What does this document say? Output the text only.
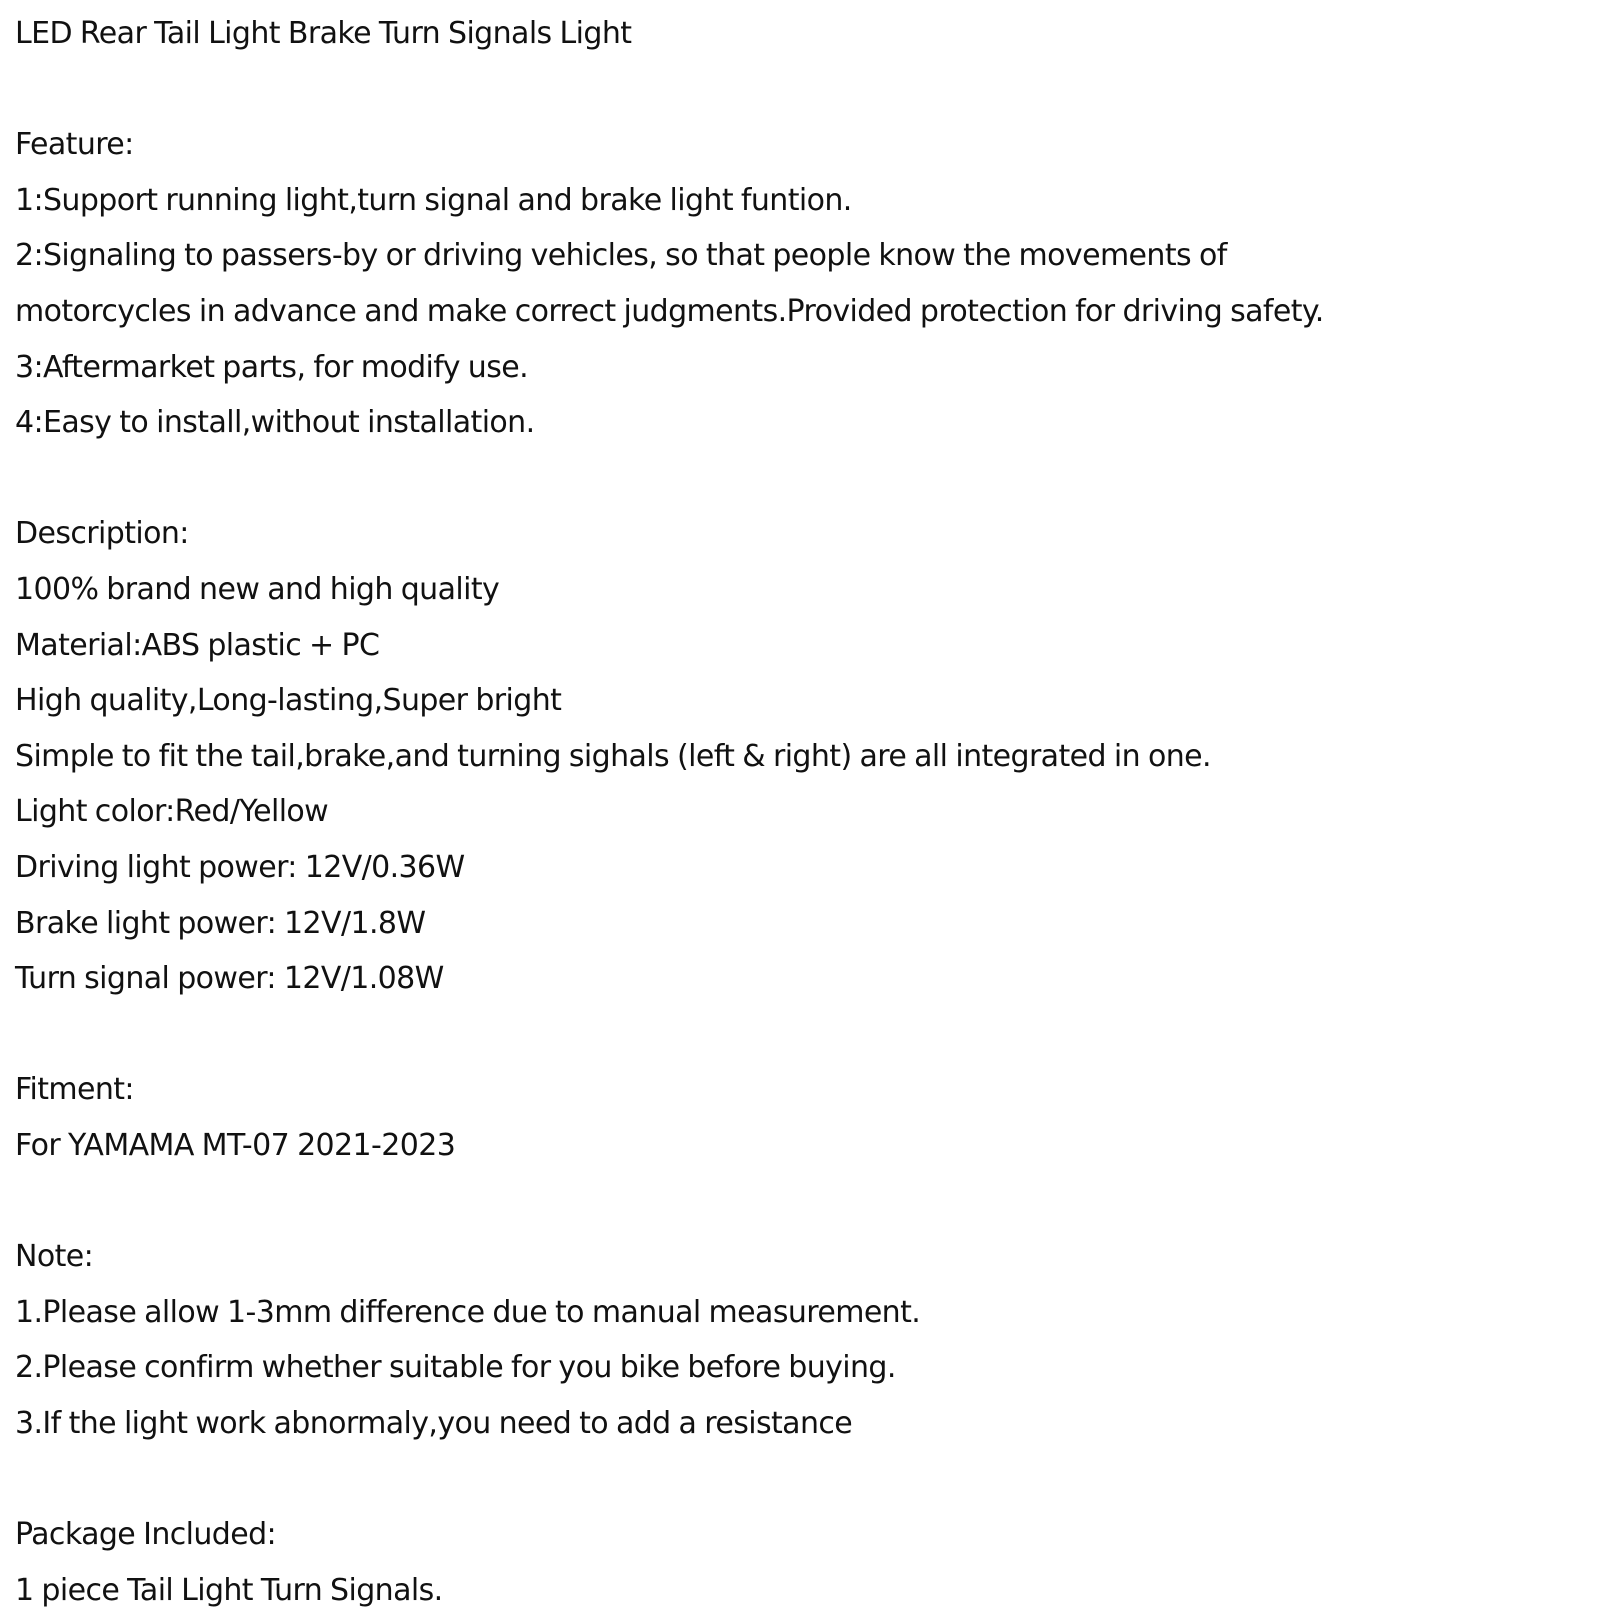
LED Rear Tail Light Brake Turn Signals Light
Feature:
1:Support running light,turn signal and brake light funtion.
2:Signaling to passers-by or driving vehicles, so that people know the movements of
motorcycles in advance and make correct judgments.Provided protection for driving safety.
3:Aftermarket parts, for modify use.
4:Easy to install,without installation.
Description:
100% brand new and high quality
Material:ABS plastic + PC
High quality,Long-lasting,Super bright
Simple to fit the tail,brake,and turning sighals (left & right) are all integrated in one.
Light color:Red/Yellow
Driving light power: 12V/0.36W
Brake light power: 12V/1.8W
Turn signal power: 12V/1.08W
Fitment:
For YAMAMA MT-07 2021-2023
Note:
1.Please allow 1-3mm difference due to manual measurement.
2.Please confirm whether suitable for you bike before buying.
3.If the light work abnormaly,you need to add a resistance
Package Included:
1 piece Tail Light Turn Signals.
